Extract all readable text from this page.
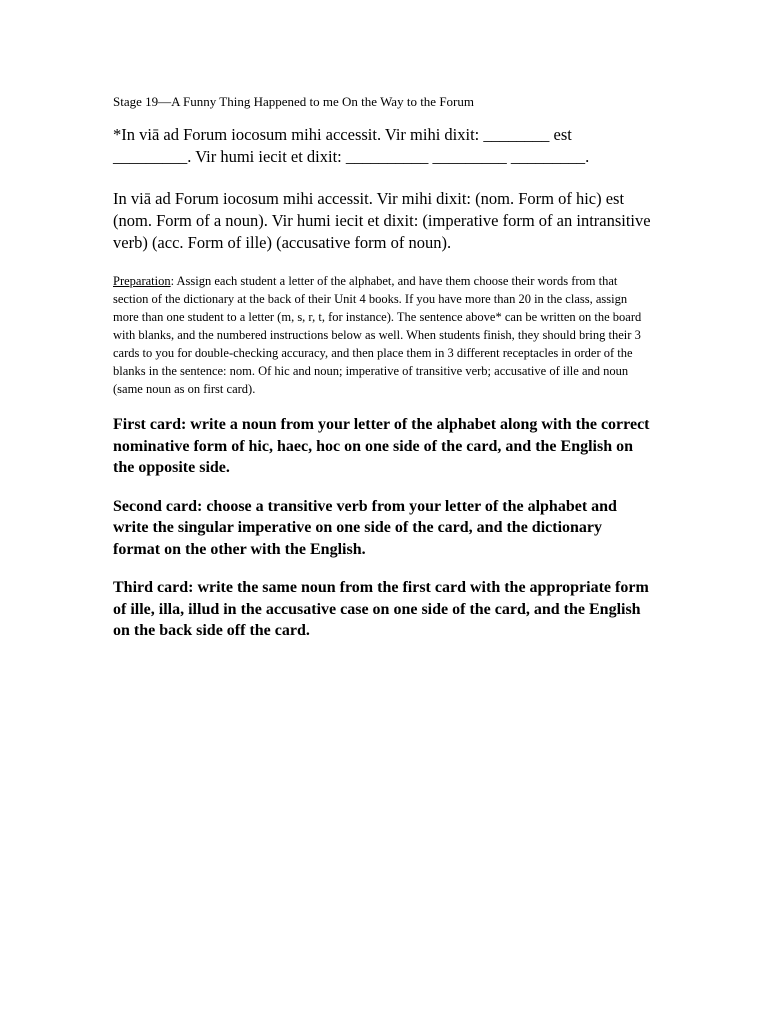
Stage 19—A Funny Thing Happened to me On the Way to the Forum

*In viā ad Forum iocosum mihi accessit. Vir mihi dixit: ________ est _________. Vir humi iecit et dixit: __________ _________ _________.

In viā ad Forum iocosum mihi accessit. Vir mihi dixit: (nom. Form of hic) est (nom. Form of a noun). Vir humi iecit et dixit: (imperative form of an intransitive verb) (acc. Form of ille) (accusative form of noun).

Preparation: Assign each student a letter of the alphabet, and have them choose their words from that section of the dictionary at the back of their Unit 4 books. If you have more than 20 in the class, assign more than one student to a letter (m, s, r, t, for instance). The sentence above* can be written on the board with blanks, and the numbered instructions below as well. When students finish, they should bring their 3 cards to you for double-checking accuracy, and then place them in 3 different receptacles in order of the blanks in the sentence: nom. Of hic and noun; imperative of transitive verb; accusative of ille and noun (same noun as on first card).

First card: write a noun from your letter of the alphabet along with the correct nominative form of hic, haec, hoc on one side of the card, and the English on the opposite side.

Second card: choose a transitive verb from your letter of the alphabet and write the singular imperative on one side of the card, and the dictionary format on the other with the English.

Third card: write the same noun from the first card with the appropriate form of ille, illa, illud in the accusative case on one side of the card, and the English on the back side off the card.
